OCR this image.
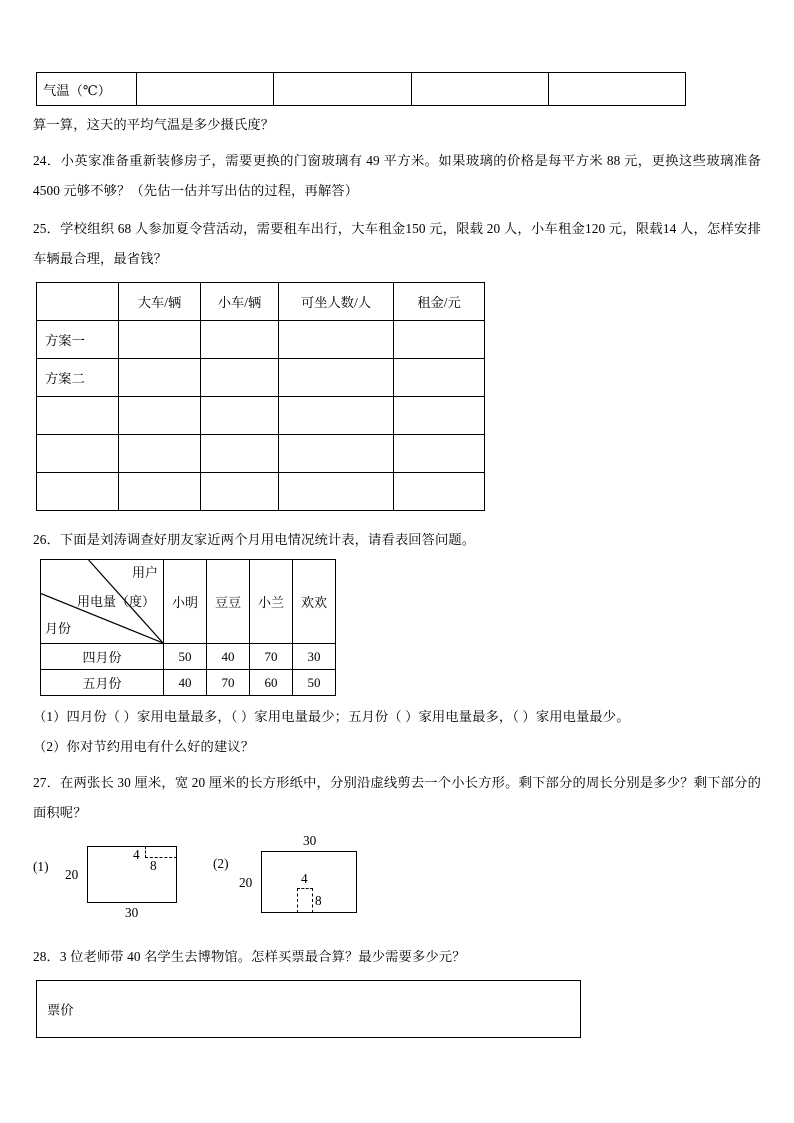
气温（℃）				
算一算，这天的平均气温是多少摄氏度？
24．小英家准备重新装修房子，需要更换的门窗玻璃有 49 平方米。如果玻璃的价格是每平方米 88 元，更换这些玻璃准备 4500 元够不够？（先估一估并写出估的过程，再解答）
25．学校组织 68 人参加夏令营活动，需要租车出行，大车租金150 元，限载 20 人，小车租金120 元，限载14 人，怎样安排车辆最合理，最省钱？
	大车/辆	小车/辆	可坐人数/人	租金/元
方案一				
方案二				

26．下面是刘涛调查好朋友家近两个月用电情况统计表，请看表回答问题。
用户
用电量（度）
月份	小明	豆豆	小兰	欢欢
四月份	50	40	70	30
五月份	40	70	60	50
（1）四月份（ ）家用电量最多，（ ）家用电量最少；五月份（ ）家用电量最多，（ ）家用电量最少。
（2）你对节约用电有什么好的建议？
27．在两张长 30 厘米，宽 20 厘米的长方形纸中，分别沿虚线剪去一个小长方形。剩下部分的周长分别是多少？剩下部分的面积呢？
(1)
20
30
4
8	(2)
30
20	4
8
28．3 位老师带 40 名学生去博物馆。怎样买票最合算？最少需要多少元？
票价
